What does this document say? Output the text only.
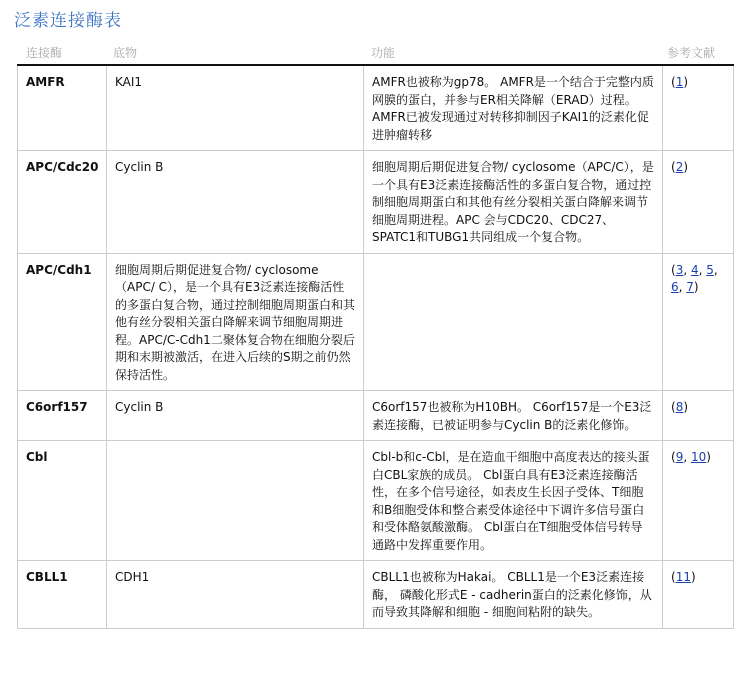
泛素连接酶表
连接酶	底物	功能	参考文献
AMFR	KAI1	AMFR也被称为gp78。 AMFR是一个结合于完整内质网膜的蛋白，并参与ER相关降解（ERAD）过程。 AMFR已被发现通过对转移抑制因子KAI1的泛素化促进肿瘤转移	(1)
APC/Cdc20	Cyclin B	细胞周期后期促进复合物/ cyclosome（APC/C），是一个具有E3泛素连接酶活性的多蛋白复合物，通过控制细胞周期蛋白和其他有丝分裂相关蛋白降解来调节细胞周期进程。APC 会与CDC20、CDC27、SPATC1和TUBG1共同组成一个复合物。	(2)
APC/Cdh1	细胞周期后期促进复合物/ cyclosome（APC/ C），是一个具有E3泛素连接酶活性的多蛋白复合物，通过控制细胞周期蛋白和其他有丝分裂相关蛋白降解来调节细胞周期进程。APC/C-Cdh1二聚体复合物在细胞分裂后期和末期被激活，在进入后续的S期之前仍然保持活性。		(3, 4, 5, 6, 7)
C6orf157	Cyclin B	C6orf157也被称为H10BH。 C6orf157是一个E3泛素连接酶，已被证明参与Cyclin B的泛素化修饰。	(8)
Cbl		Cbl-b和c-Cbl，是在造血干细胞中高度表达的接头蛋白CBL家族的成员。 Cbl蛋白具有E3泛素连接酶活性，在多个信号途径，如表皮生长因子受体、T细胞和B细胞受体和整合素受体途径中下调许多信号蛋白和受体酪氨酸激酶。 Cbl蛋白在T细胞受体信号转导通路中发挥重要作用。	(9, 10)
CBLL1	CDH1	CBLL1也被称为Hakai。 CBLL1是一个E3泛素连接酶， 磷酸化形式E - cadherin蛋白的泛素化修饰，从而导致其降解和细胞 - 细胞间粘附的缺失。	(11)
